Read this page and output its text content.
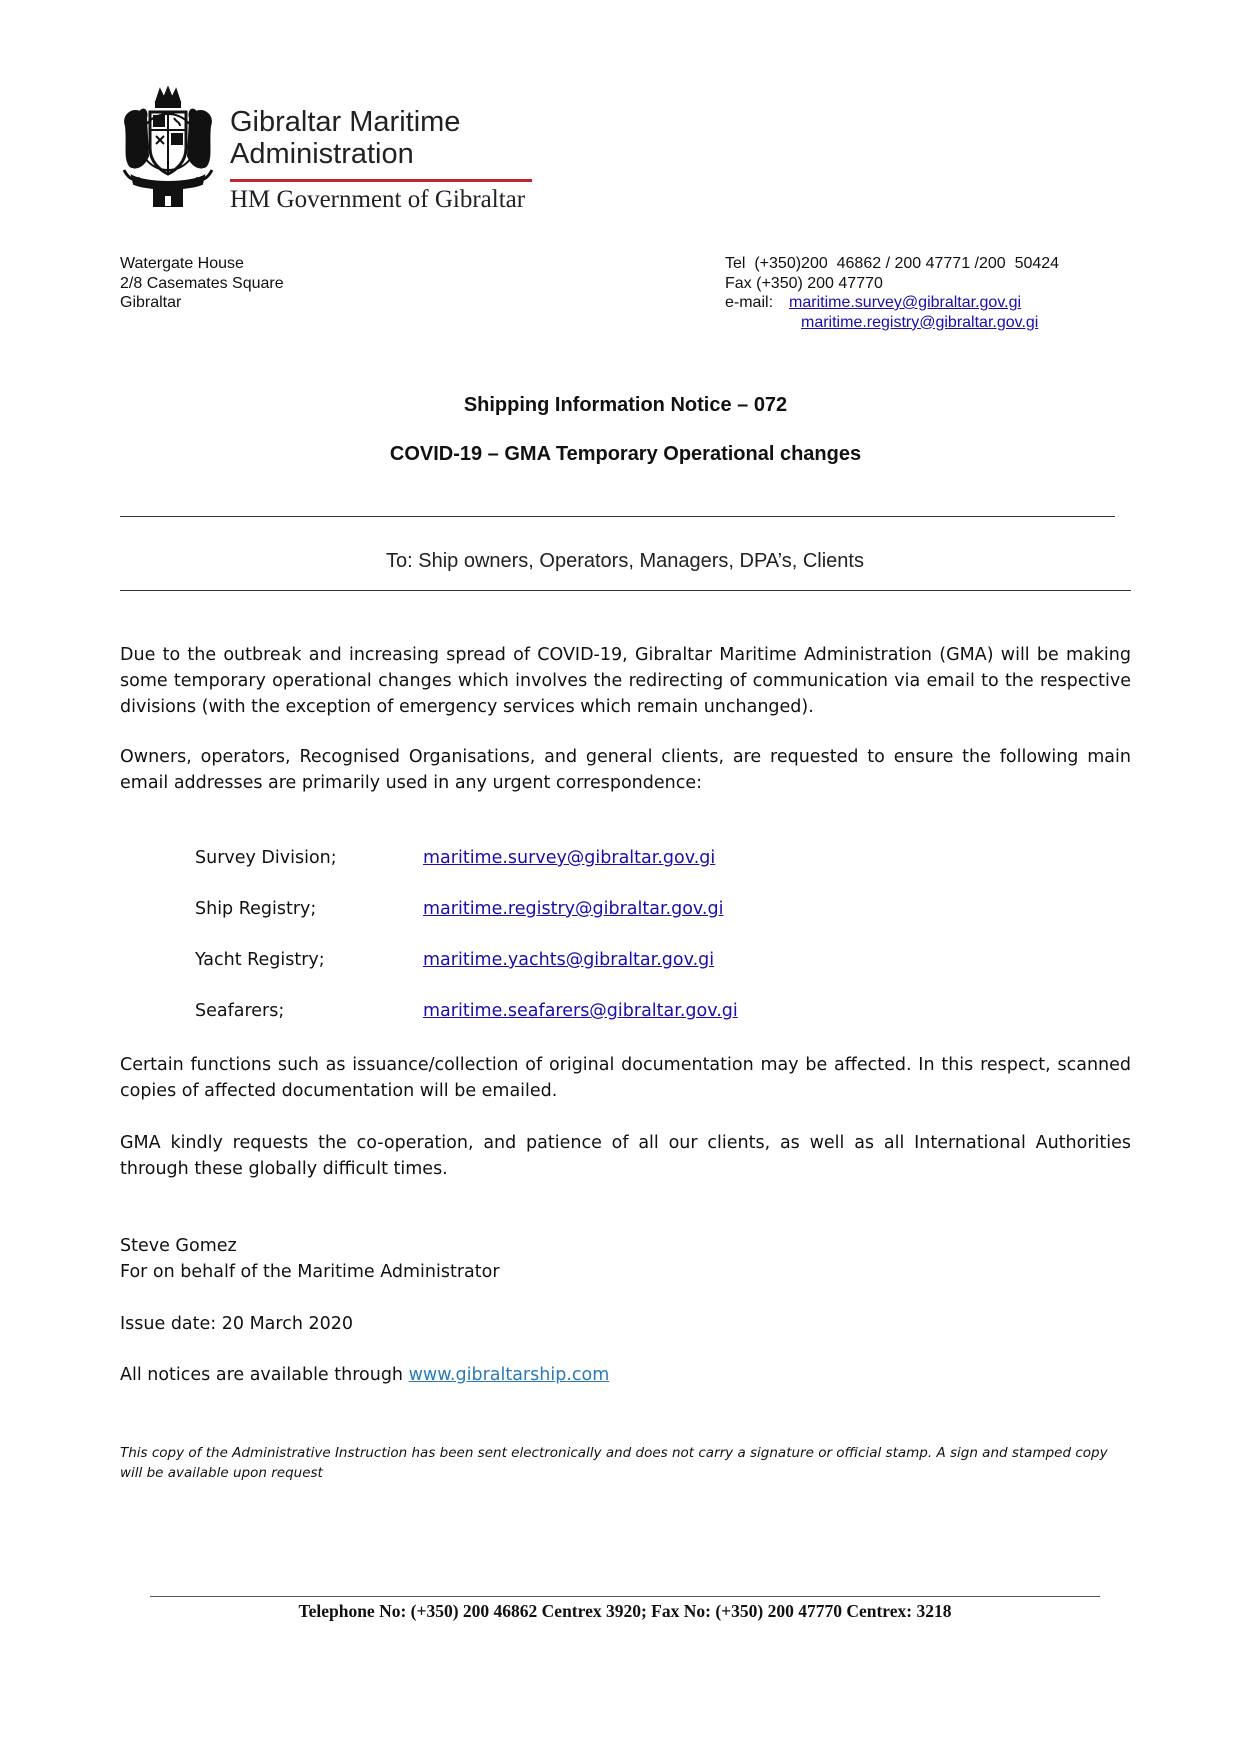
Gibraltar Maritime
Administration
HM Government of Gibraltar
Watergate House
2/8 Casemates Square
Gibraltar
Tel  (+350)200  46862 / 200 47771 /200  50424
Fax (+350) 200 47770
e-mail: maritime.survey@gibraltar.gov.gi
maritime.registry@gibraltar.gov.gi
Shipping Information Notice – 072
COVID-19 – GMA Temporary Operational changes
To: Ship owners, Operators, Managers, DPA’s, Clients
Due to the outbreak and increasing spread of COVID-19, Gibraltar Maritime Administration (GMA) will be making some temporary operational changes which involves the redirecting of communication via email to the respective divisions (with the exception of emergency services which remain unchanged).
Owners, operators, Recognised Organisations, and general clients, are requested to ensure the following main email addresses are primarily used in any urgent correspondence:
Survey Division;	maritime.survey@gibraltar.gov.gi
Ship Registry;	maritime.registry@gibraltar.gov.gi
Yacht Registry;	maritime.yachts@gibraltar.gov.gi
Seafarers;	maritime.seafarers@gibraltar.gov.gi
Certain functions such as issuance/collection of original documentation may be affected. In this respect, scanned copies of affected documentation will be emailed.
GMA kindly requests the co-operation, and patience of all our clients, as well as all International Authorities through these globally difficult times.
Steve Gomez
For on behalf of the Maritime Administrator
Issue date: 20 March 2020
All notices are available through www.gibraltarship.com
This copy of the Administrative Instruction has been sent electronically and does not carry a signature or official stamp. A sign and stamped copy will be available upon request
Telephone No: (+350) 200 46862 Centrex 3920; Fax No: (+350) 200 47770 Centrex: 3218
